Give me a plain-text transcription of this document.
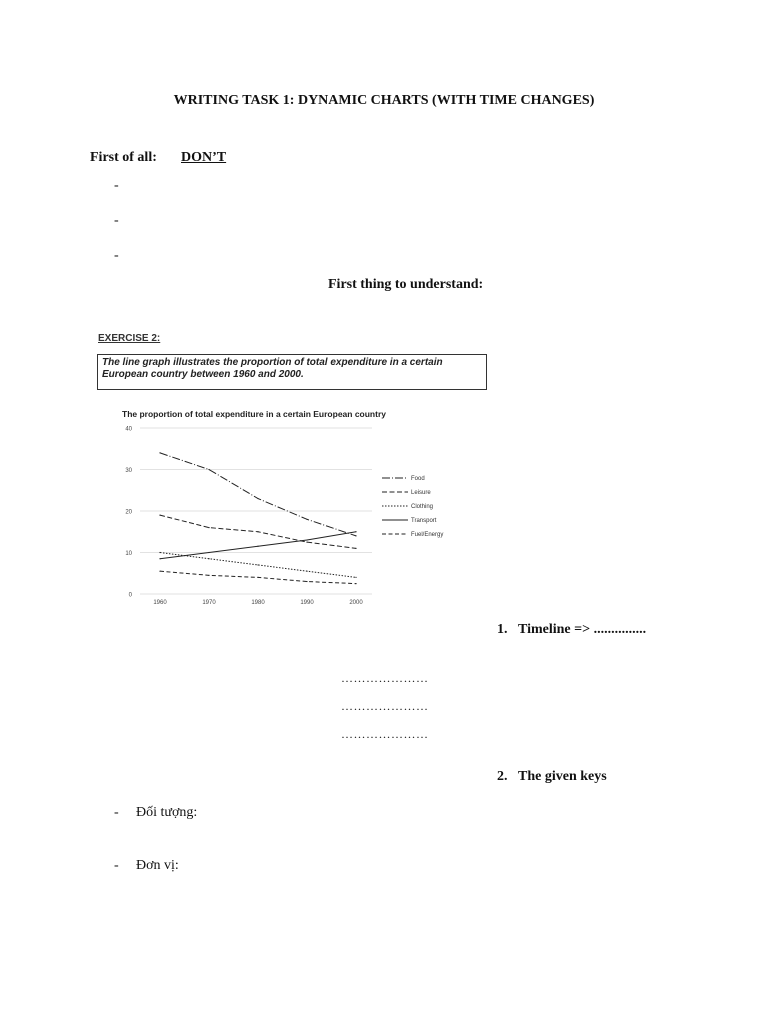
WRITING TASK 1: DYNAMIC CHARTS (WITH TIME CHANGES)
First of all: DON’T
-
-
-
First thing to understand:
EXERCISE 2:
The line graph illustrates the proportion of total expenditure in a certain European country between 1960 and 2000.
The proportion of total expenditure in a certain European country
0
10
20
30
40
1960	1970	1980	1990	2000
Food
Leisure
Clothing
Transport
Fuel/Energy
1. Timeline => ...............
…………………
…………………
…………………
2. The given keys
- Đối tượng:
- Đơn vị:
